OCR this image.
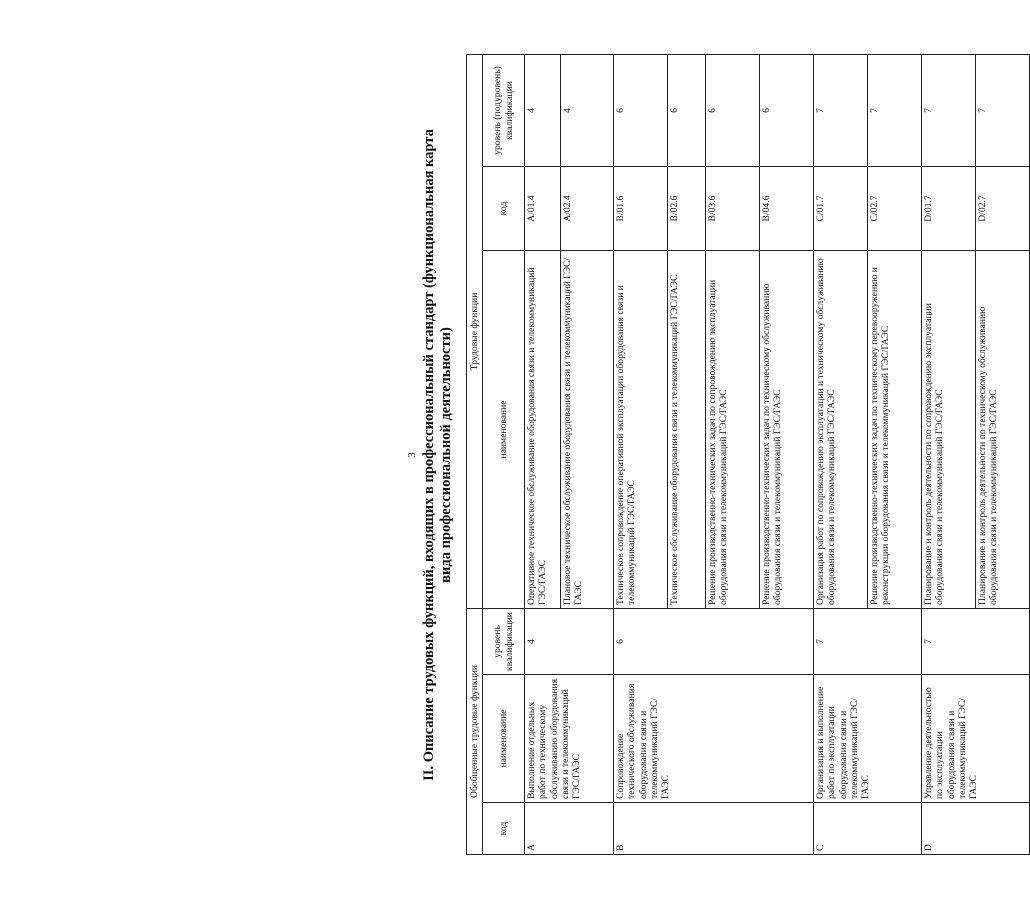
3 II. Описание трудовых функций, входящих в профессиональный стандарт (функциональная карта вида профессиональной деятельности)
Обобщенные трудовые функции			Трудовые функции		
код	наименование	уровень квалификации	наименование	код	уровень (подуровень) квалификации
A	Выполнение отдельных работ по техническому обслуживанию оборудования связи и телекоммуникаций ГЭС/ГАЭС	4	Оперативное техническое обслуживание оборудования связи и телекоммуникаций ГЭС/ГАЭС	A/01.4	4
			Плановое техническое обслуживание оборудования связи и телекоммуникаций ГЭС/ГАЭС	A/02.4	4
B	Сопровождение технического обслуживания оборудования связи и телекоммуникаций ГЭС/ГАЭС	6	Техническое сопровождение оперативной эксплуатации оборудования связи и телекоммуникаций ГЭС/ГАЭС	B/01.6	6
			Техническое обслуживание оборудования связи и телекоммуникаций ГЭС/ГАЭС	B/02.6	6
			Решение производственно-технических задач по сопровождению эксплуатации оборудования связи и телекоммуникаций ГЭС/ГАЭС	B/03.6	6
			Решение производственно-технических задач по техническому обслуживанию оборудования связи и телекоммуникаций ГЭС/ГАЭС	B/04.6	6
C	Организация и выполнение работ по эксплуатации оборудования связи и телекоммуникаций ГЭС/ГАЭС	7	Организация работ по сопровождению эксплуатации и техническому обслуживанию оборудования связи и телекоммуникаций ГЭС/ГАЭС	C/01.7	7
			Решение производственно-технических задач по техническому перевооружению и реконструкции оборудования связи и телекоммуникаций ГЭС/ГАЭС	C/02.7	7
D	Управление деятельностью по эксплуатации оборудования связи и телекоммуникаций ГЭС/ГАЭС	7	Планирование и контроль деятельности по сопровождению эксплуатации оборудования связи и телекоммуникаций ГЭС/ГАЭС	D/01.7	7
			Планирование и контроль деятельности по техническому обслуживанию оборудования связи и телекоммуникаций ГЭС/ГАЭС	D/02.7	7
